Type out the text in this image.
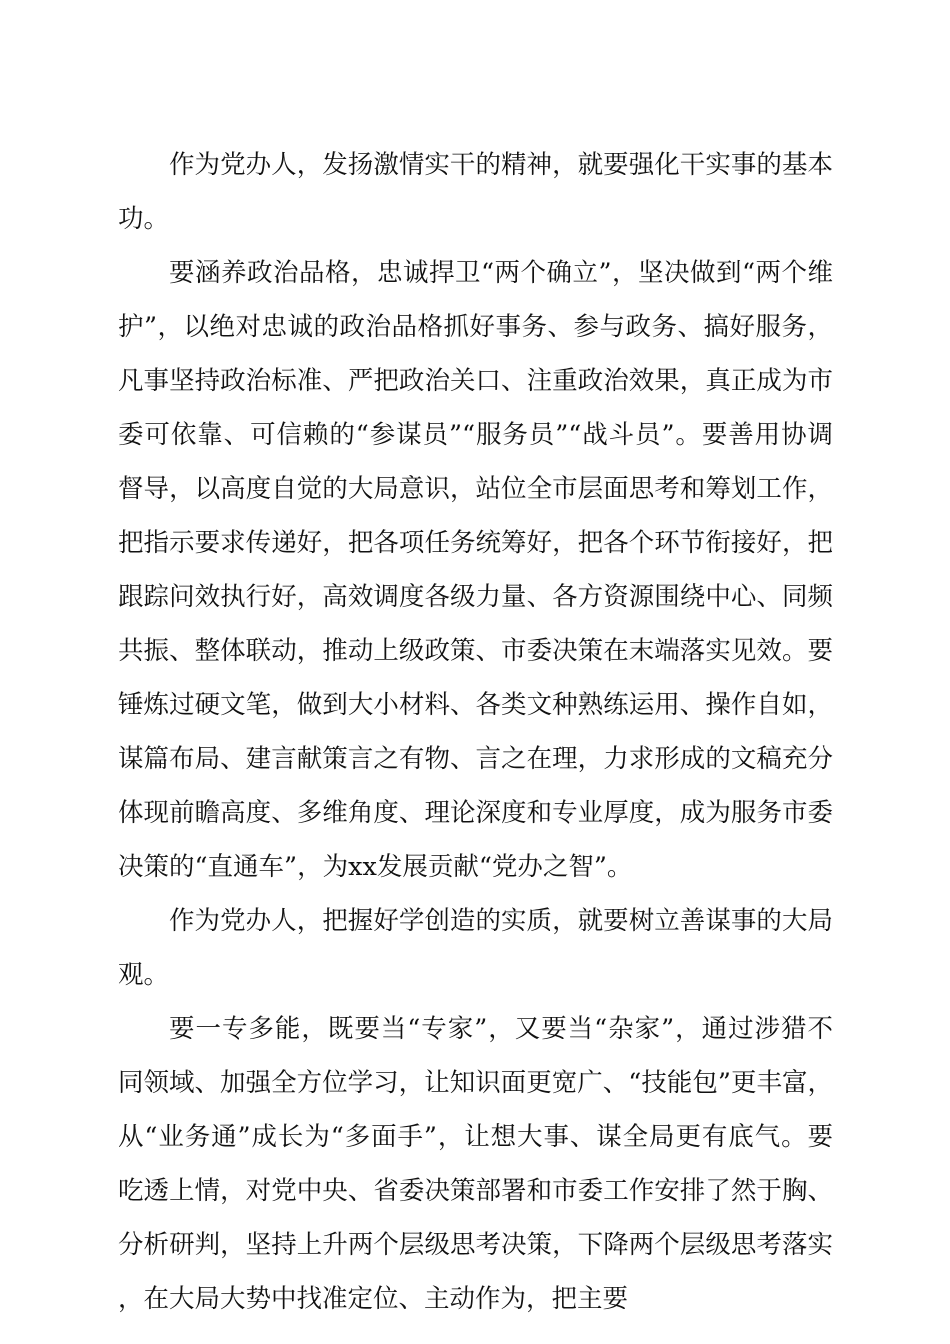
作为党办人，发扬激情实干的精神，就要强化干实事的基本功。

要涵养政治品格，忠诚捍卫“两个确立”，坚决做到“两个维护”，以绝对忠诚的政治品格抓好事务、参与政务、搞好服务，凡事坚持政治标准、严把政治关口、注重政治效果，真正成为市委可依靠、可信赖的“参谋员”“服务员”“战斗员”。要善用协调督导，以高度自觉的大局意识，站位全市层面思考和筹划工作，把指示要求传递好，把各项任务统筹好，把各个环节衔接好，把跟踪问效执行好，高效调度各级力量、各方资源围绕中心、同频共振、整体联动，推动上级政策、市委决策在末端落实见效。要锤炼过硬文笔，做到大小材料、各类文种熟练运用、操作自如，谋篇布局、建言献策言之有物、言之在理，力求形成的文稿充分体现前瞻高度、多维角度、理论深度和专业厚度，成为服务市委决策的“直通车”，为xx发展贡献“党办之智”。

作为党办人，把握好学创造的实质，就要树立善谋事的大局观。

要一专多能，既要当“专家”，又要当“杂家”，通过涉猎不同领域、加强全方位学习，让知识面更宽广、“技能包”更丰富，从“业务通”成长为“多面手”，让想大事、谋全局更有底气。要吃透上情，对党中央、省委决策部署和市委工作安排了然于胸、分析研判，坚持上升两个层级思考决策，下降两个层级思考落实，在大局大势中找准定位、主动作为，把主要
